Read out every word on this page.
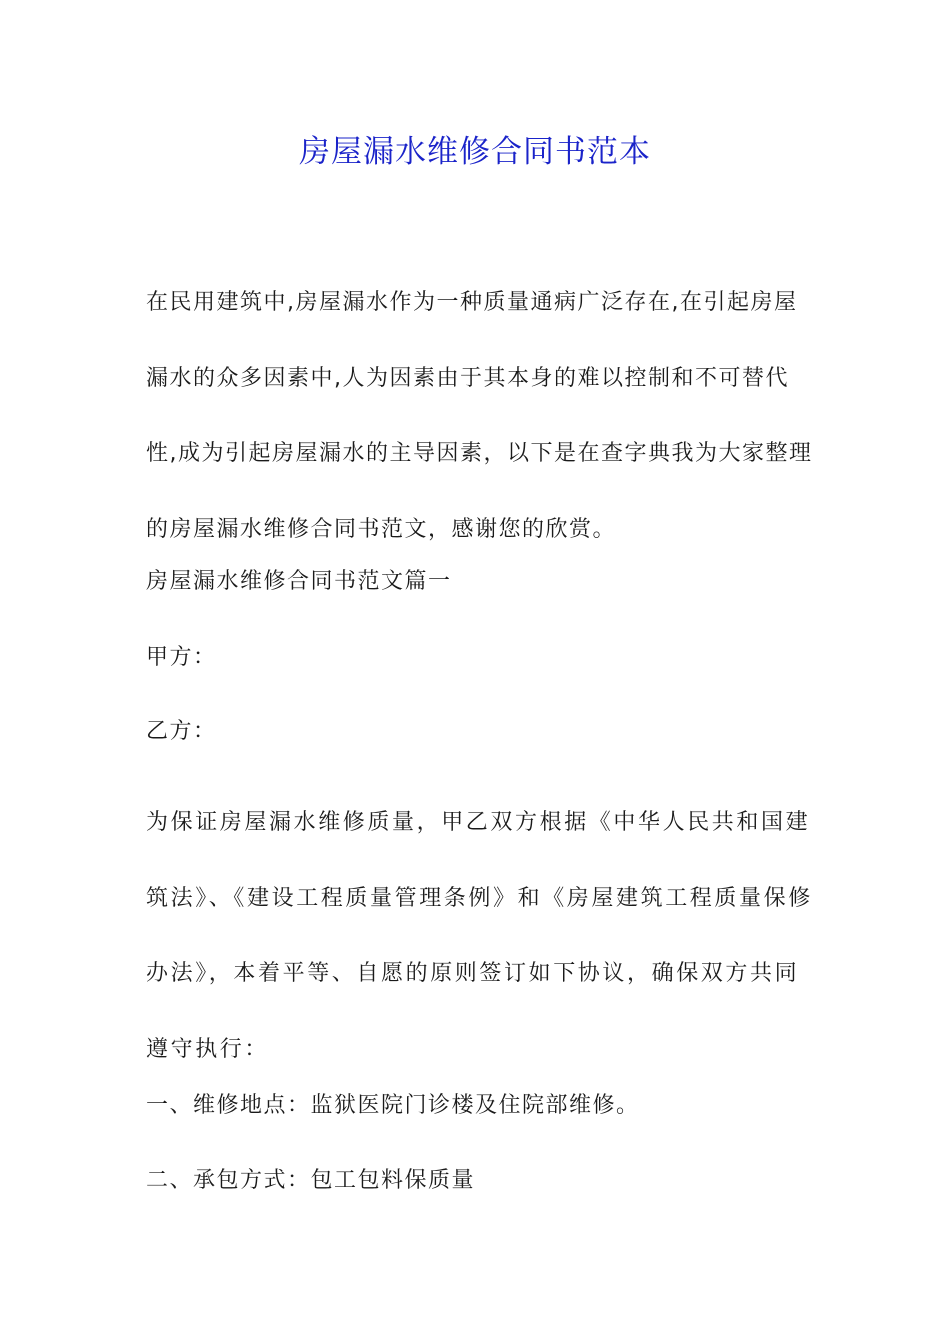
房屋漏水维修合同书范本

在民用建筑中,房屋漏水作为一种质量通病广泛存在,在引起房屋漏水的众多因素中,人为因素由于其本身的难以控制和不可替代性,成为引起房屋漏水的主导因素，以下是在查字典我为大家整理的房屋漏水维修合同书范文，感谢您的欣赏。

房屋漏水维修合同书范文篇一

甲方：

乙方：

为保证房屋漏水维修质量，甲乙双方根据《中华人民共和国建筑法》、《建设工程质量管理条例》和《房屋建筑工程质量保修办法》，本着平等、自愿的原则签订如下协议，确保双方共同遵守执行：

一、维修地点：监狱医院门诊楼及住院部维修。

二、承包方式：包工包料保质量
